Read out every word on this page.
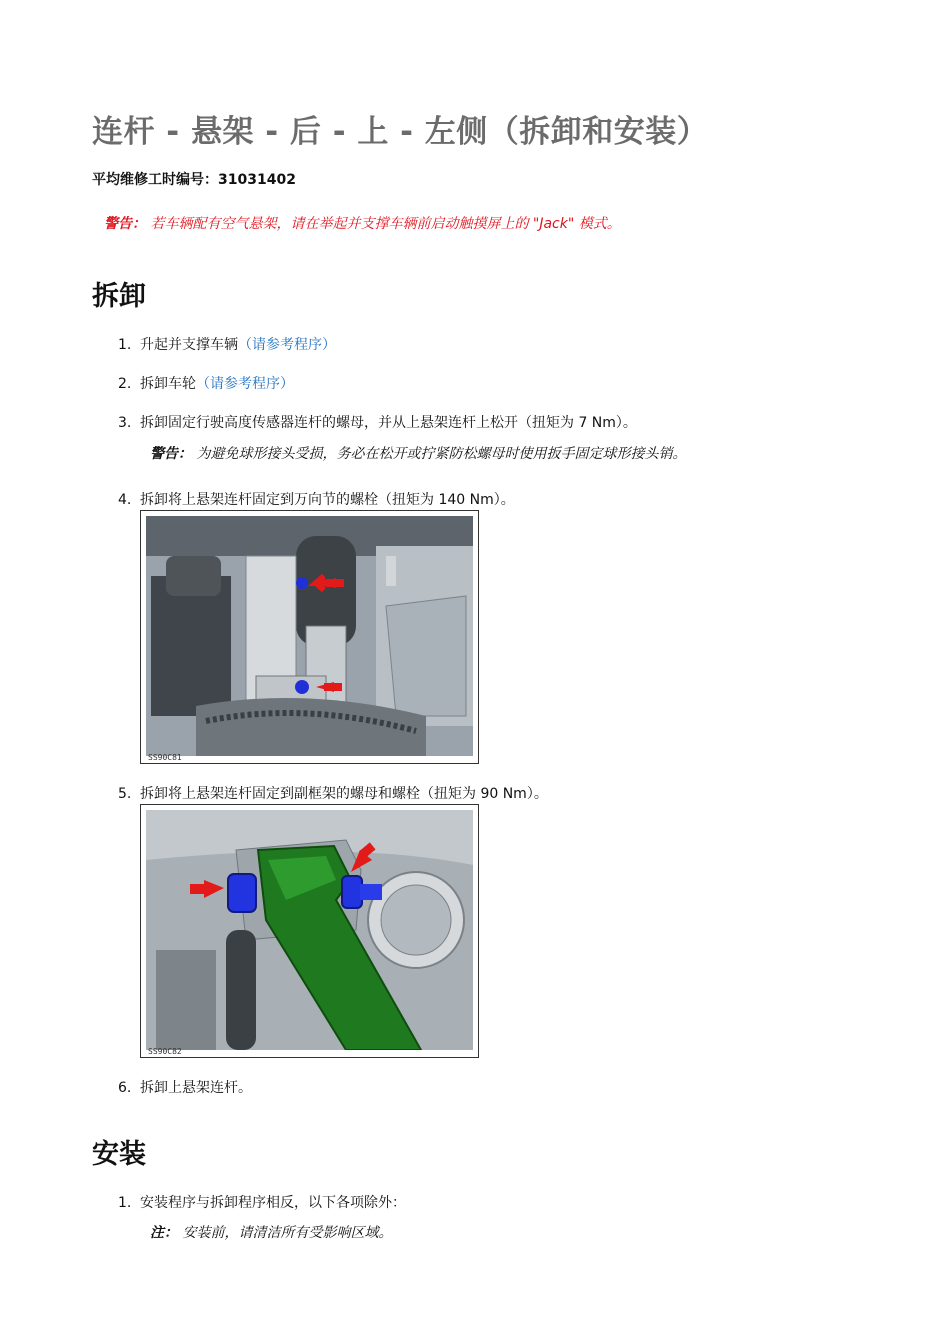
连杆 - 悬架 - 后 - 上 - 左侧（拆卸和安装）
平均维修工时编号：31031402
警告： 若车辆配有空气悬架，请在举起并支撑车辆前启动触摸屏上的 "Jack" 模式。
拆卸
1. 升起并支撑车辆（请参考程序）
2. 拆卸车轮（请参考程序）
3. 拆卸固定行驶高度传感器连杆的螺母，并从上悬架连杆上松开（扭矩为 7 Nm）。
警告： 为避免球形接头受损，务必在松开或拧紧防松螺母时使用扳手固定球形接头销。
4. 拆卸将上悬架连杆固定到万向节的螺栓（扭矩为 140 Nm）。
SS90C81
5. 拆卸将上悬架连杆固定到副框架的螺母和螺栓（扭矩为 90 Nm）。
SS90C82
6. 拆卸上悬架连杆。
安装
1. 安装程序与拆卸程序相反，以下各项除外：
注： 安装前，请清洁所有受影响区域。
